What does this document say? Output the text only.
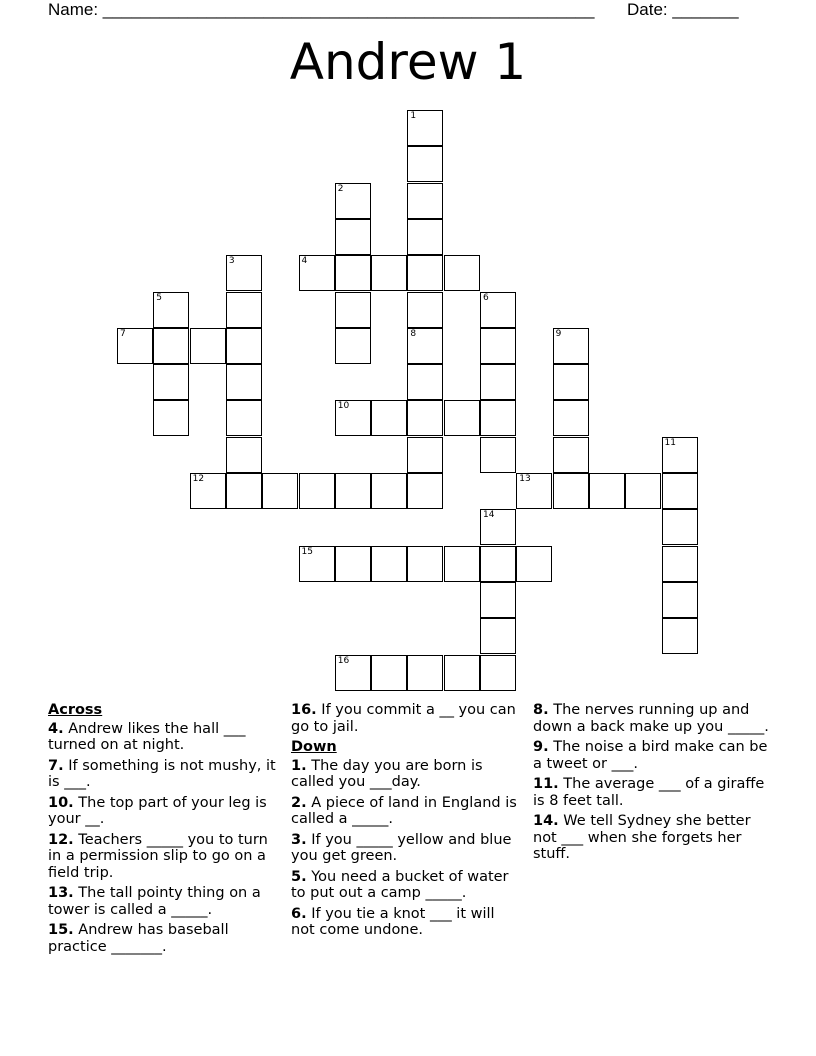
Name: ____________________________________________________ Date: _______
Andrew 1
1
2
4
3
5
7
6
8	9
10
12	13
11
14
15
16
Across
4. Andrew likes the hall ___ turned on at night.
7. If something is not mushy, it is ___.
10. The top part of your leg is your __.
12. Teachers _____ you to turn in a permission slip to go on a field trip.
13. The tall pointy thing on a tower is called a _____.
15. Andrew has baseball practice _______.
16. If you commit a __ you can go to jail.
Down
1. The day you are born is called you ___day.
2. A piece of land in England is called a _____.
3. If you _____ yellow and blue you get green.
5. You need a bucket of water to put out a camp _____.
6. If you tie a knot ___ it will not come undone.
8. The nerves running up and down a back make up you _____.
9. The noise a bird make can be a tweet or ___.
11. The average ___ of a giraffe is 8 feet tall.
14. We tell Sydney she better not ___ when she forgets her stuff.
